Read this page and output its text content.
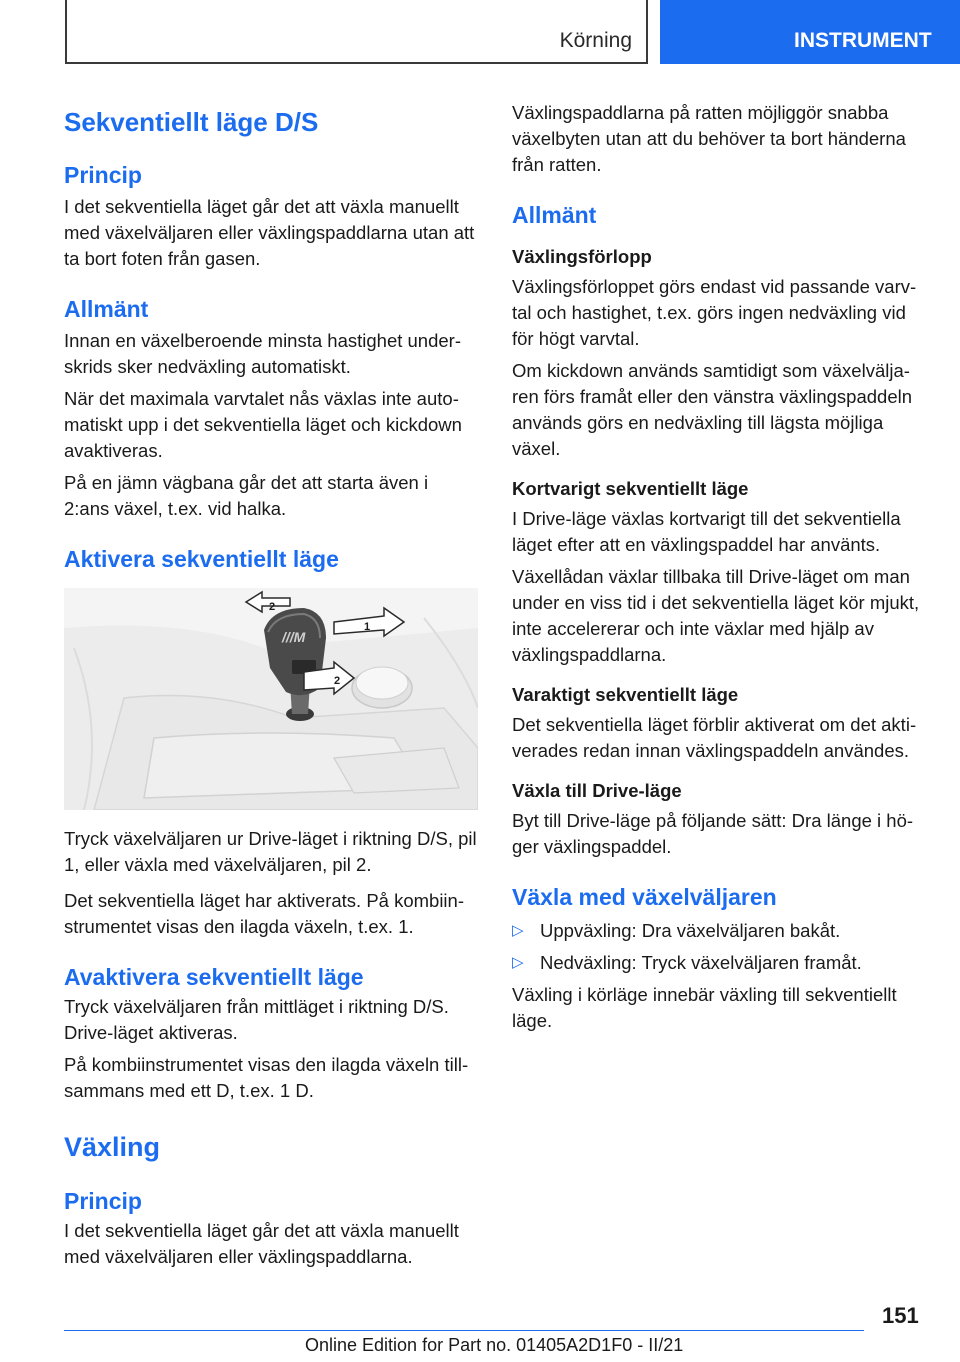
Körning	INSTRUMENT
Sekventiellt läge D/S
Princip

I det sekventiella läget går det att växla manuellt med växelväljaren eller växlingspaddlarna utan att ta bort foten från gasen.

Allmänt

Innan en växelberoende minsta hastighet underskrids sker nedväxling automatiskt.

När det maximala varvtalet nås växlas inte automatiskt upp i det sekventiella läget och kickdown avaktiveras.

På en jämn vägbana går det att starta även i 2:ans växel, t.ex. vid halka.

Aktivera sekventiellt läge
///M
2
1
2

Tryck växelväljaren ur Drive-läget i riktning D/S, pil 1, eller växla med växelväljaren, pil 2.

Det sekventiella läget har aktiverats. På kombiinstrumentet visas den ilagda växeln, t.ex. 1.

Avaktivera sekventiellt läge

Tryck växelväljaren från mittläget i riktning D/S. Drive-läget aktiveras.

På kombiinstrumentet visas den ilagda växeln tillsammans med ett D, t.ex. 1 D.

Växling
Princip

I det sekventiella läget går det att växla manuellt med växelväljaren eller växlingspaddlarna.

Växlingspaddlarna på ratten möjliggör snabba växelbyten utan att du behöver ta bort händerna från ratten.

Allmänt
Växlingsförlopp

Växlingsförloppet görs endast vid passande varvtal och hastighet, t.ex. görs ingen nedväxling vid för högt varvtal.

Om kickdown används samtidigt som växelväljaren förs framåt eller den vänstra växlingspaddeln används görs en nedväxling till lägsta möjliga växel.

Kortvarigt sekventiellt läge

I Drive-läge växlas kortvarigt till det sekventiella läget efter att en växlingspaddel har använts.

Växellådan växlar tillbaka till Drive-läget om man under en viss tid i det sekventiella läget kör mjukt, inte accelererar och inte växlar med hjälp av växlingspaddlarna.

Varaktigt sekventiellt läge

Det sekventiella läget förblir aktiverat om det aktiverades redan innan växlingspaddeln användes.

Växla till Drive-läge

Byt till Drive-läge på följande sätt: Dra länge i höger växlingspaddel.

Växla med växelväljaren
▷ Uppväxling: Dra växelväljaren bakåt.
▷ Nedväxling: Tryck växelväljaren framåt.

Växling i körläge innebär växling till sekventiellt läge.

151
Online Edition for Part no. 01405A2D1F0 - II/21
